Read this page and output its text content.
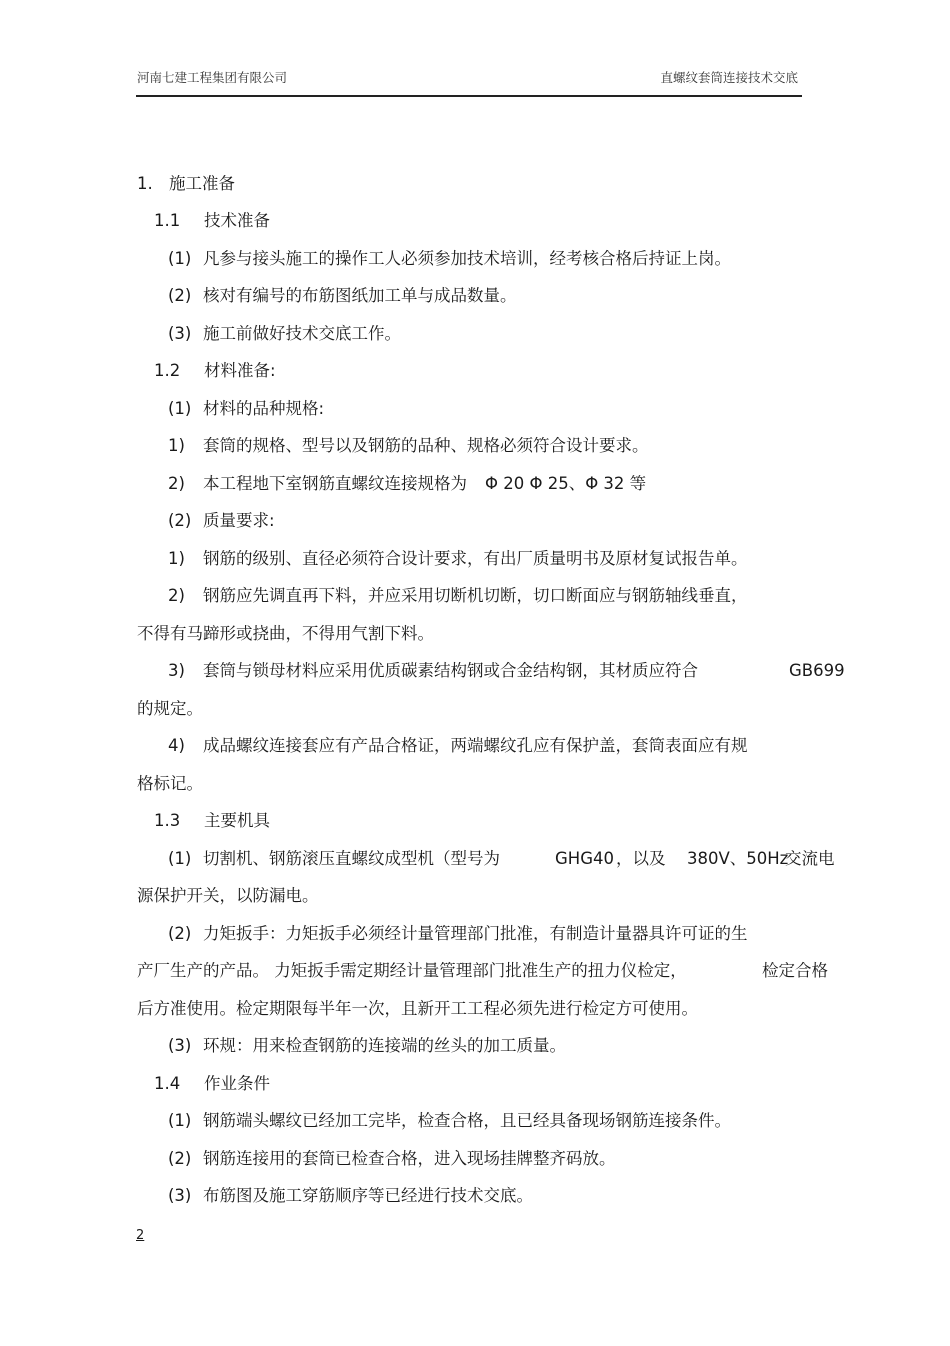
河南七建工程集团有限公司	直螺纹套筒连接技术交底
1. 施工准备
1.1 技术准备
(1) 凡参与接头施工的操作工人必须参加技术培训，经考核合格后持证上岗。
(2) 核对有编号的布筋图纸加工单与成品数量。
(3) 施工前做好技术交底工作。
1.2 材料准备:
(1) 材料的品种规格:
1) 套筒的规格、型号以及钢筋的品种、规格必须符合设计要求。
2) 本工程地下室钢筋直螺纹连接规格为 Φ 20 Φ 25、Φ 32 等
(2) 质量要求:
1) 钢筋的级别、直径必须符合设计要求，有出厂质量明书及原材复试报告单。
2) 钢筋应先调直再下料，并应采用切断机切断，切口断面应与钢筋轴线垂直，
不得有马蹄形或挠曲，不得用气割下料。
3) 套筒与锁母材料应采用优质碳素结构钢或合金结构钢，其材质应符合	GB699
的规定。
4) 成品螺纹连接套应有产品合格证，两端螺纹孔应有保护盖，套筒表面应有规
格标记。
1.3 主要机具
(1) 切割机、钢筋滚压直螺纹成型机（型号为	GHG40 ，以及 380V、50Hz
交流电
源保护开关，以防漏电。
(2) 力矩扳手：力矩扳手必须经计量管理部门批准，有制造计量器具许可证的生
产厂生产的产品。 力矩扳手需定期经计量管理部门批准生产的扭力仪检定，	检定合格
后方准使用。检定期限每半年一次，且新开工工程必须先进行检定方可使用。
(3) 环规：用来检查钢筋的连接端的丝头的加工质量。
1.4 作业条件
(1) 钢筋端头螺纹已经加工完毕，检查合格，且已经具备现场钢筋连接条件。
(2) 钢筋连接用的套筒已检查合格，进入现场挂牌整齐码放。
(3) 布筋图及施工穿筋顺序等已经进行技术交底。
2
